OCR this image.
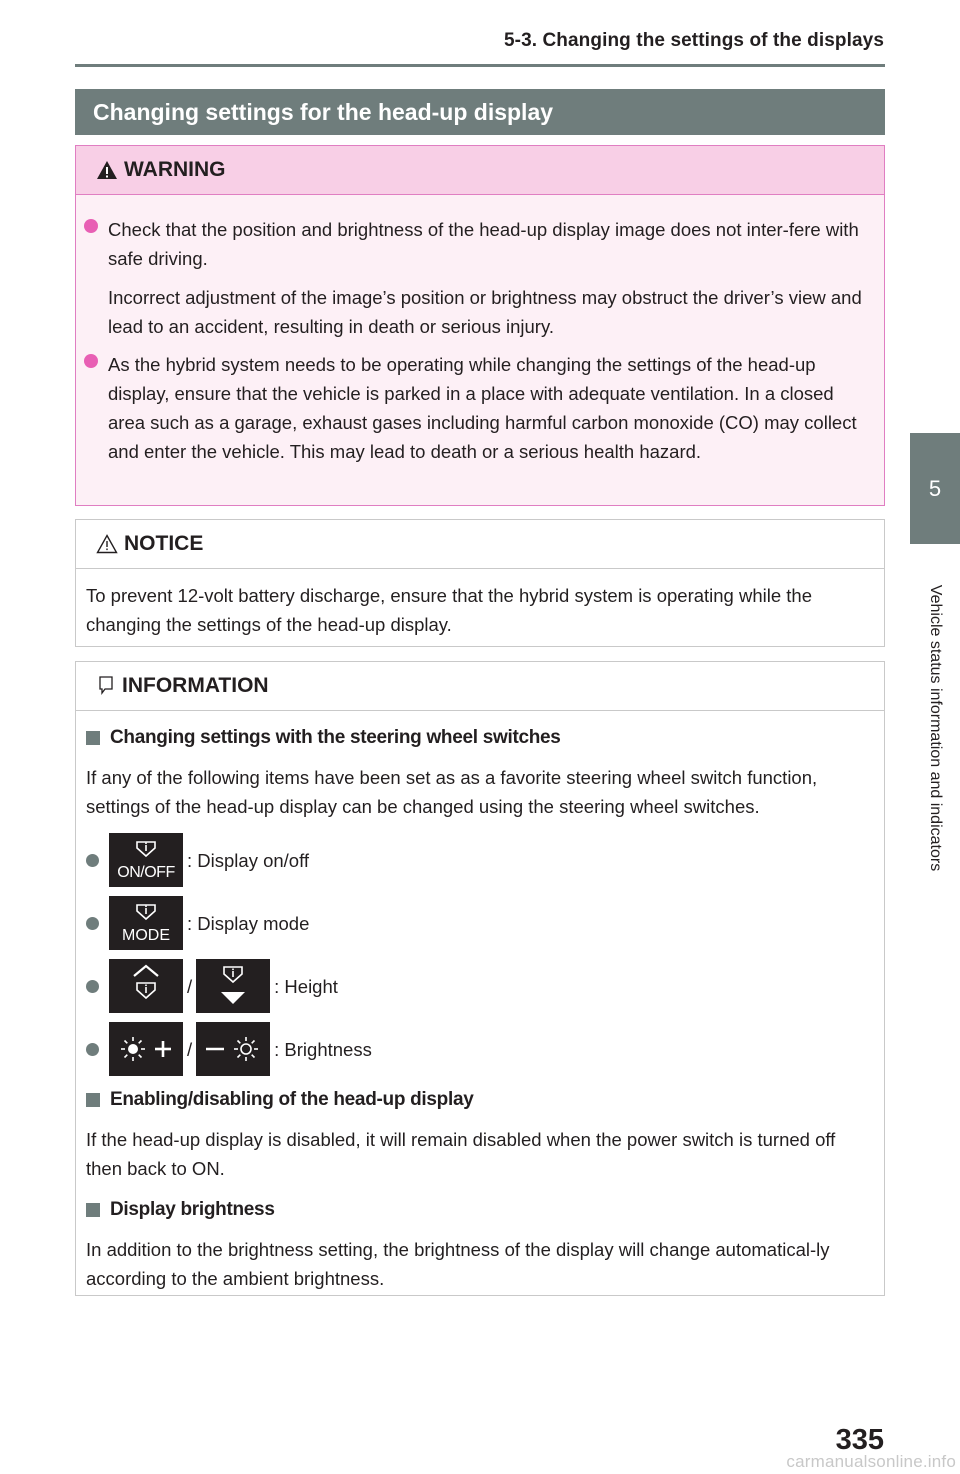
5-3. Changing the settings of the displays
5
Vehicle status information and indicators
Changing settings for the head-up display
WARNING
Check that the position and brightness of the head-up display image does not inter-fere with safe driving.
Incorrect adjustment of the image’s position or brightness may obstruct the driver’s view and lead to an accident, resulting in death or serious injury.
As the hybrid system needs to be operating while changing the settings of the head-up display, ensure that the vehicle is parked in a place with adequate ventilation. In a closed area such as a garage, exhaust gases including harmful carbon monoxide (CO) may collect and enter the vehicle. This may lead to death or a serious health hazard.
NOTICE
To prevent 12-volt battery discharge, ensure that the hybrid system is operating while the changing the settings of the head-up display.
INFORMATION
Changing settings with the steering wheel switches

If any of the following items have been set as as a favorite steering wheel switch function, settings of the head-up display can be changed using the steering wheel switches.

ON/OFF
: Display on/off
MODE
: Display mode
/	: Height
/	: Brightness
Enabling/disabling of the head-up display

If the head-up display is disabled, it will remain disabled when the power switch is turned off then back to ON.

Display brightness

In addition to the brightness setting, the brightness of the display will change automatical-ly according to the ambient brightness.

335
carmanualsonline.info
